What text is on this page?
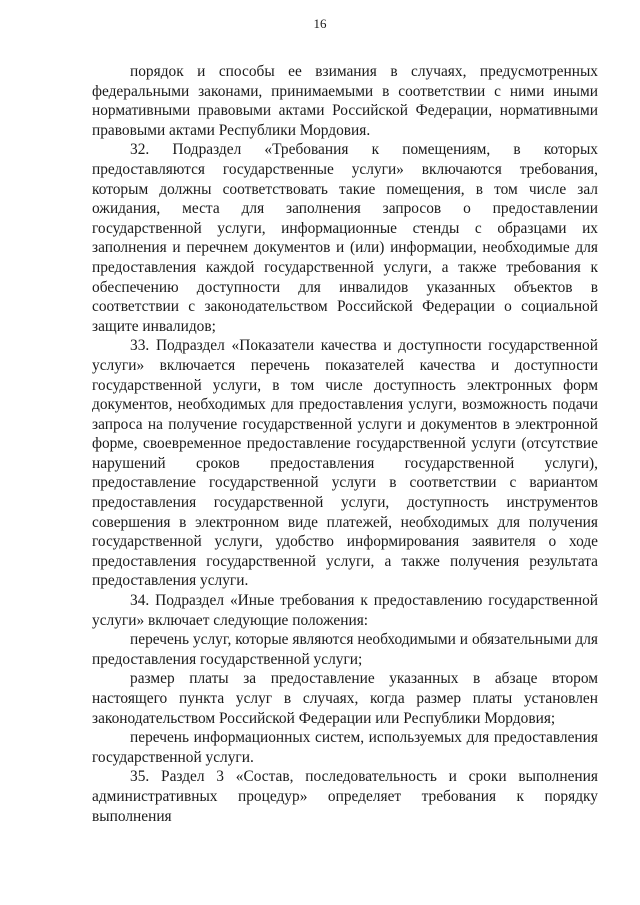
16

порядок и способы ее взимания в случаях, предусмотренных федеральными законами, принимаемыми в соответствии с ними иными нормативными правовыми актами Российской Федерации, нормативными правовыми актами Республики Мордовия.

32. Подраздел «Требования к помещениям, в которых предоставляются государственные услуги» включаются требования, которым должны соответствовать такие помещения, в том числе зал ожидания, места для заполнения запросов о предоставлении государственной услуги, информационные стенды с образцами их заполнения и перечнем документов и (или) информации, необходимые для предоставления каждой государственной услуги, а также требования к обеспечению доступности для инвалидов указанных объектов в соответствии с законодательством Российской Федерации о социальной защите инвалидов;

33. Подраздел «Показатели качества и доступности государственной услуги» включается перечень показателей качества и доступности государственной услуги, в том числе доступность электронных форм документов, необходимых для предоставления услуги, возможность подачи запроса на получение государственной услуги и документов в электронной форме, своевременное предоставление государственной услуги (отсутствие нарушений сроков предоставления государственной услуги), предоставление государственной услуги в соответствии с вариантом предоставления государственной услуги, доступность инструментов совершения в электронном виде платежей, необходимых для получения государственной услуги, удобство информирования заявителя о ходе предоставления государственной услуги, а также получения результата предоставления услуги.

34. Подраздел «Иные требования к предоставлению государственной услуги» включает следующие положения:

перечень услуг, которые являются необходимыми и обязательными для предоставления государственной услуги;

размер платы за предоставление указанных в абзаце втором настоящего пункта услуг в случаях, когда размер платы установлен законодательством Российской Федерации или Республики Мордовия;

перечень информационных систем, используемых для предоставления государственной услуги.

35. Раздел 3 «Состав, последовательность и сроки выполнения административных процедур» определяет требования к порядку выполнения
